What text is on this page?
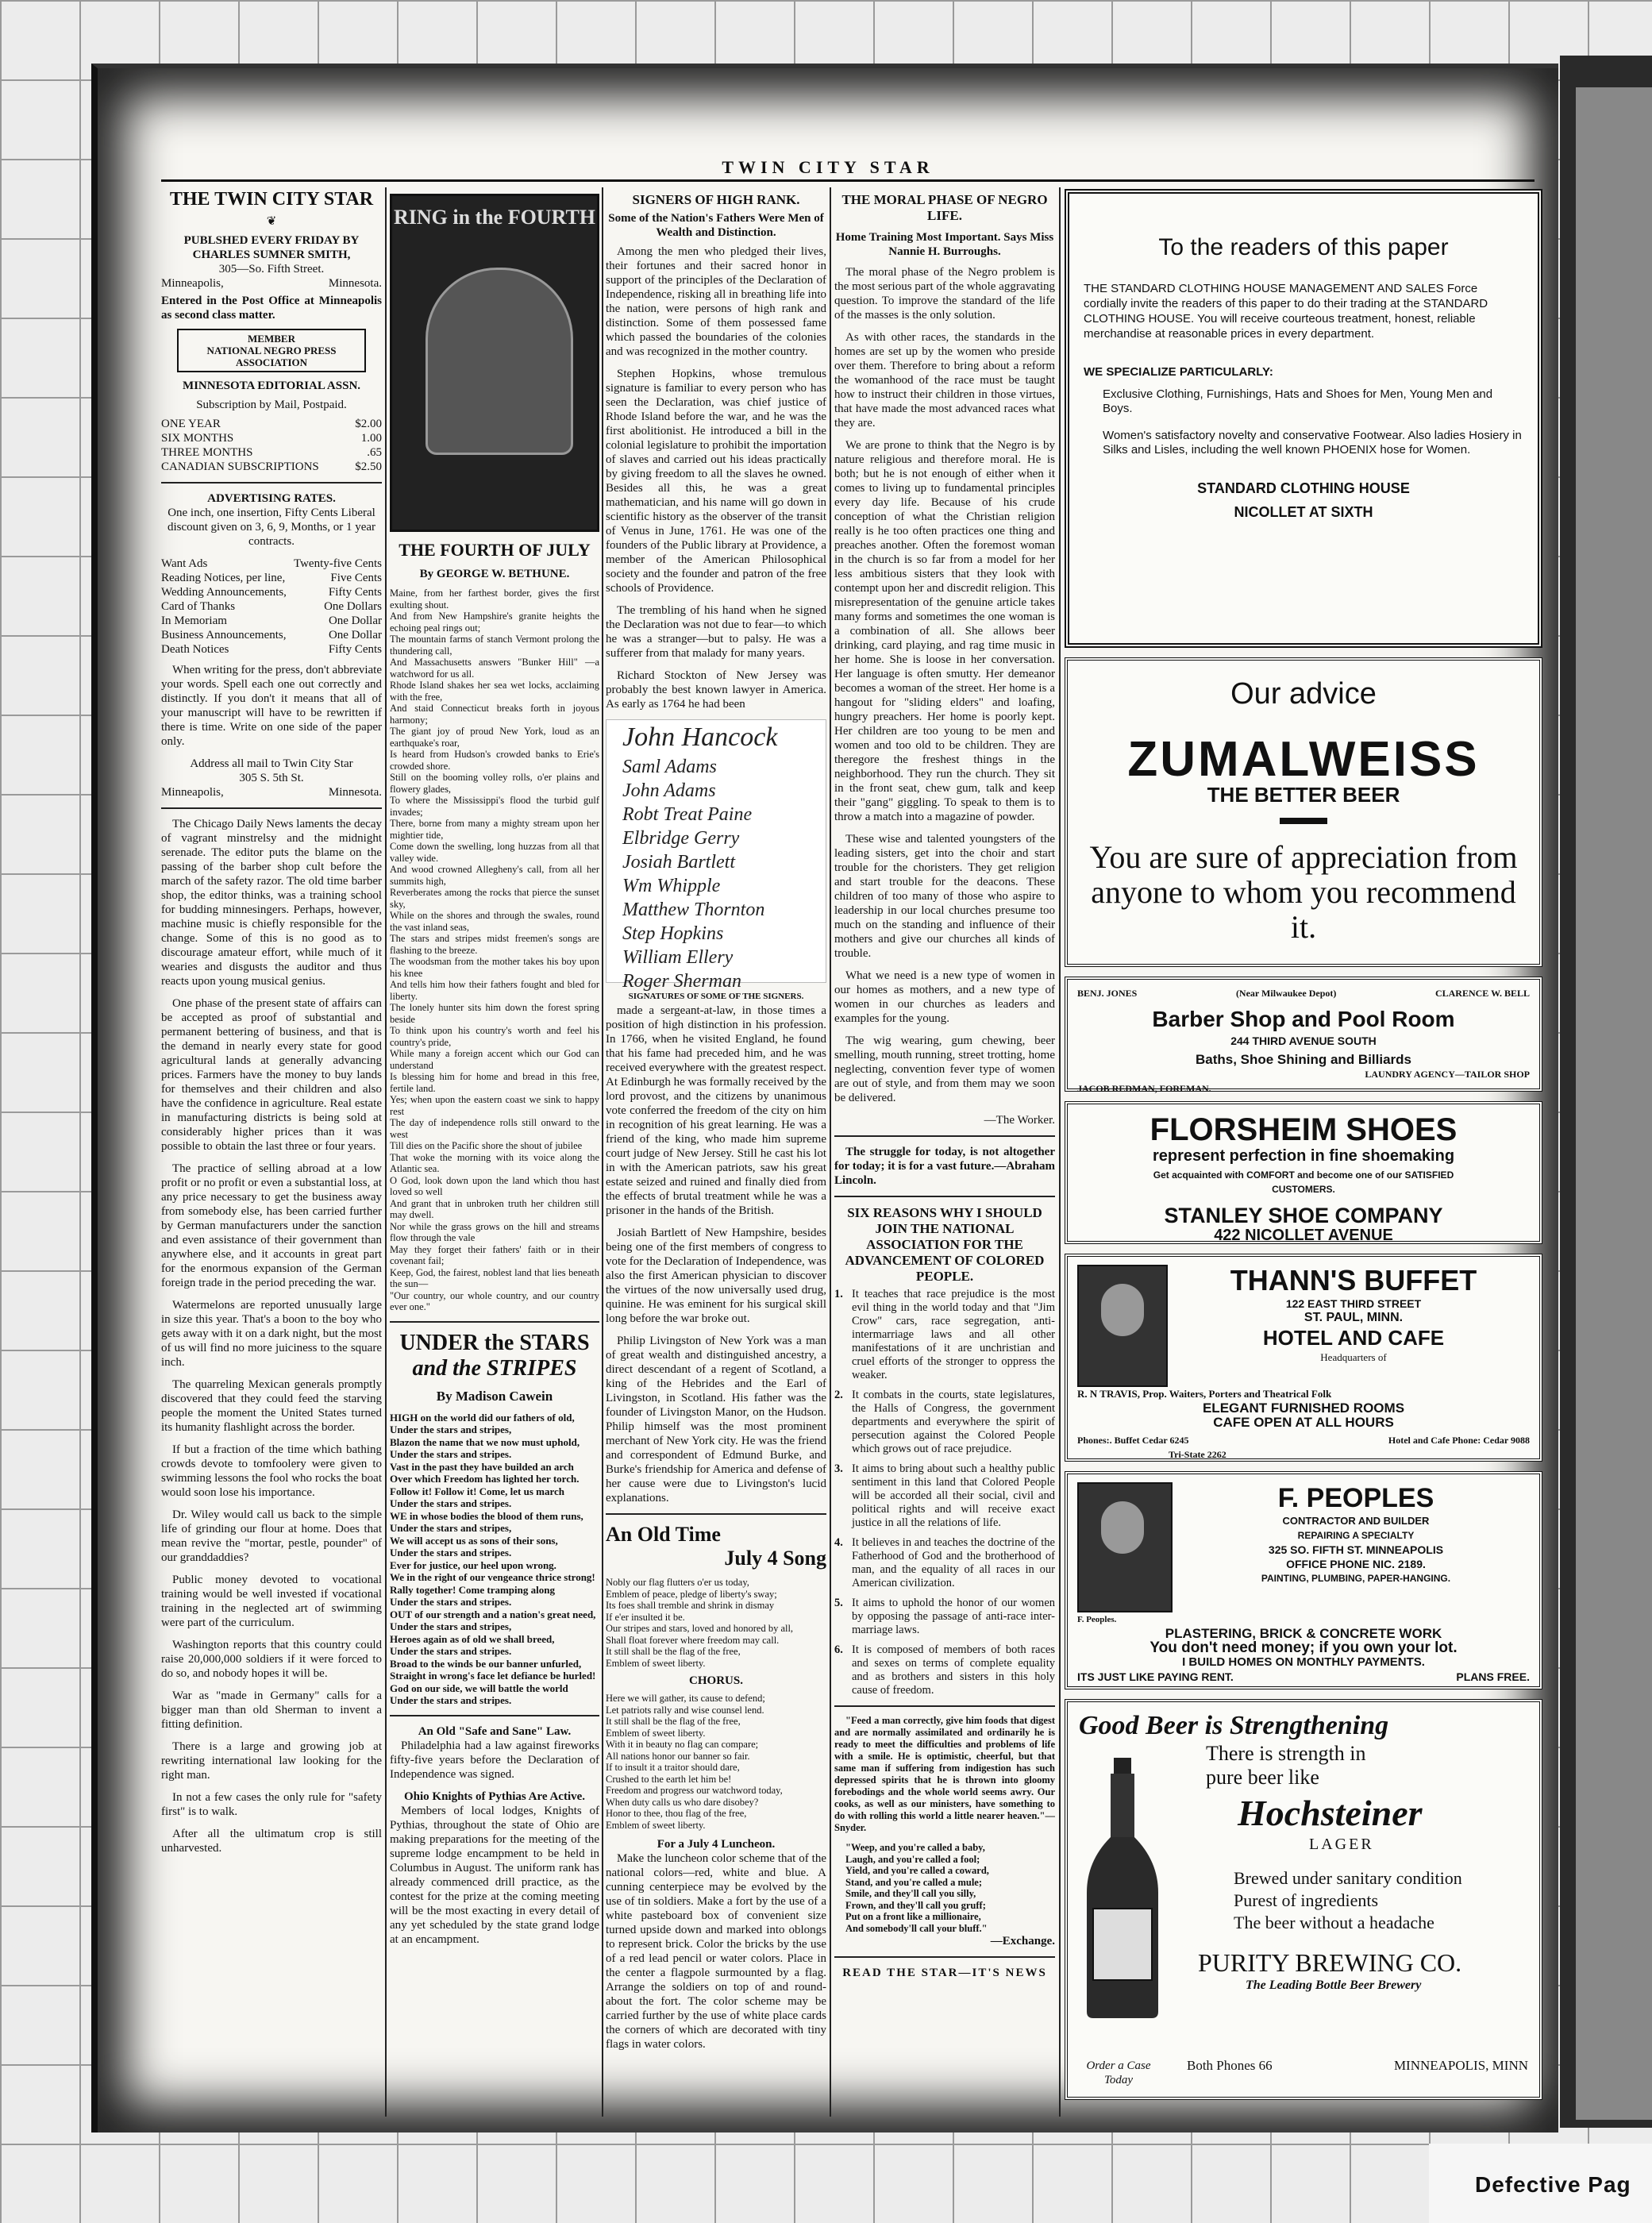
Defective Pag
TWIN CITY STAR
THE TWIN CITY STAR
❦
PUBLSHED EVERY FRIDAY BY
CHARLES SUMNER SMITH,
305—So. Fifth Street.
Minneapolis,	Minnesota.
Entered in the Post Office at Minneapolis as second class matter.
MEMBER
NATIONAL NEGRO PRESS
ASSOCIATION
MINNESOTA EDITORIAL ASSN.
Subscription by Mail, Postpaid.
ONE YEAR	$2.00
SIX MONTHS	1.00
THREE MONTHS	.65
CANADIAN SUBSCRIPTIONS	$2.50
ADVERTISING RATES.
One inch, one insertion, Fifty Cents Liberal discount given on 3, 6, 9, Months, or 1 year contracts.
Want Ads	Twenty-five Cents
Reading Notices, per line,	Five Cents
Wedding Announcements,	Fifty Cents
Card of Thanks	One Dollars
In Memoriam	One Dollar
Business Announcements,	One Dollar
Death Notices	Fifty Cents
When writing for the press, don't abbreviate your words. Spell each one out correctly and distinctly. If you don't it means that all of your manuscript will have to be rewritten if there is time. Write on one side of the paper only.
Address all mail to Twin City Star
305 S. 5th St.
Minneapolis,	Minnesota.
The Chicago Daily News laments the decay of vagrant minstrelsy and the midnight serenade. The editor puts the blame on the passing of the barber shop cult before the march of the safety razor. The old time barber shop, the editor thinks, was a training school for budding minnesingers. Perhaps, however, machine music is chiefly responsible for the change. Some of this is no good as to discourage amateur effort, while much of it wearies and disgusts the auditor and thus reacts upon young musical genius.
One phase of the present state of affairs can be accepted as proof of substantial and permanent bettering of business, and that is the demand in nearly every state for good agricultural lands at generally advancing prices. Farmers have the money to buy lands for themselves and their children and also have the confidence in agriculture. Real estate in manufacturing districts is being sold at considerably higher prices than it was possible to obtain the last three or four years.
The practice of selling abroad at a low profit or no profit or even a substantial loss, at any price necessary to get the business away from somebody else, has been carried further by German manufacturers under the sanction and even assistance of their government than anywhere else, and it accounts in great part for the enormous expansion of the German foreign trade in the period preceding the war.
Watermelons are reported unusually large in size this year. That's a boon to the boy who gets away with it on a dark night, but the most of us will find no more juiciness to the square inch.
The quarreling Mexican generals promptly discovered that they could feed the starving people the moment the United States turned its humanity flashlight across the border.
If but a fraction of the time which bathing crowds devote to tomfoolery were given to swimming lessons the fool who rocks the boat would soon lose his importance.
Dr. Wiley would call us back to the simple life of grinding our flour at home. Does that mean revive the "mortar, pestle, pounder" of our granddaddies?
Public money devoted to vocational training would be well invested if vocational training in the neglected art of swimming were part of the curriculum.
Washington reports that this country could raise 20,000,000 soldiers if it were forced to do so, and nobody hopes it will be.
War as "made in Germany" calls for a bigger man than old Sherman to invent a fitting definition.
There is a large and growing job at rewriting international law looking for the right man.
In not a few cases the only rule for "safety first" is to walk.
After all the ultimatum crop is still unharvested.
RING in the FOURTH
THE FOURTH OF JULY
By GEORGE W. BETHUNE.
Maine, from her farthest border, gives the first exulting shout.
And from New Hampshire's granite heights the echoing peal rings out;
The mountain farms of stanch Vermont prolong the thundering call,
And Massachusetts answers "Bunker Hill" —a watchword for us all.
Rhode Island shakes her sea wet locks, acclaiming with the free,
And staid Connecticut breaks forth in joyous harmony;
The giant joy of proud New York, loud as an earthquake's roar,
Is heard from Hudson's crowded banks to Erie's crowded shore.
Still on the booming volley rolls, o'er plains and flowery glades,
To where the Mississippi's flood the turbid gulf invades;
There, borne from many a mighty stream upon her mightier tide,
Come down the swelling, long huzzas from all that valley wide.
And wood crowned Allegheny's call, from all her summits high,
Reverberates among the rocks that pierce the sunset sky,
While on the shores and through the swales, round the vast inland seas,
The stars and stripes midst freemen's songs are flashing to the breeze.
The woodsman from the mother takes his boy upon his knee
And tells him how their fathers fought and bled for liberty.
The lonely hunter sits him down the forest spring beside
To think upon his country's worth and feel his country's pride,
While many a foreign accent which our God can understand
Is blessing him for home and bread in this free, fertile land.
Yes; when upon the eastern coast we sink to happy rest
The day of independence rolls still onward to the west
Till dies on the Pacific shore the shout of jubilee
That woke the morning with its voice along the Atlantic sea.
O God, look down upon the land which thou hast loved so well
And grant that in unbroken truth her children still may dwell.
Nor while the grass grows on the hill and streams flow through the vale
May they forget their fathers' faith or in their covenant fail;
Keep, God, the fairest, noblest land that lies beneath the sun—
"Our country, our whole country, and our country ever one."
UNDER the STARS
and the STRIPES
By Madison Cawein
HIGH on the world did our fathers of old,
Under the stars and stripes,
Blazon the name that we now must uphold,
Under the stars and stripes.
Vast in the past they have builded an arch
Over which Freedom has lighted her torch.
Follow it! Follow it! Come, let us march
Under the stars and stripes.
WE in whose bodies the blood of them runs,
Under the stars and stripes,
We will accept us as sons of their sons,
Under the stars and stripes.
Ever for justice, our heel upon wrong.
We in the right of our vengeance thrice strong!
Rally together! Come tramping along
Under the stars and stripes.
OUT of our strength and a nation's great need,
Under the stars and stripes,
Heroes again as of old we shall breed,
Under the stars and stripes.
Broad to the winds be our banner unfurled,
Straight in wrong's face let defiance be hurled!
God on our side, we will battle the world
Under the stars and stripes.
An Old "Safe and Sane" Law.
Philadelphia had a law against fireworks fifty-five years before the Declaration of Independence was signed.
Ohio Knights of Pythias Are Active.
Members of local lodges, Knights of Pythias, throughout the state of Ohio are making preparations for the meeting of the supreme lodge encampment to be held in Columbus in August. The uniform rank has already commenced drill practice, as the contest for the prize at the coming meeting will be the most exacting in every detail of any yet scheduled by the state grand lodge at an encampment.
SIGNERS OF HIGH RANK.
Some of the Nation's Fathers Were Men of Wealth and Distinction.
Among the men who pledged their lives, their fortunes and their sacred honor in support of the principles of the Declaration of Independence, risking all in breathing life into the nation, were persons of high rank and distinction. Some of them possessed fame which passed the boundaries of the colonies and was recognized in the mother country.
Stephen Hopkins, whose tremulous signature is familiar to every person who has seen the Declaration, was chief justice of Rhode Island before the war, and he was the first abolitionist. He introduced a bill in the colonial legislature to prohibit the importation of slaves and carried out his ideas practically by giving freedom to all the slaves he owned. Besides all this, he was a great mathematician, and his name will go down in scientific history as the observer of the transit of Venus in June, 1761. He was one of the founders of the Public library at Providence, a member of the American Philosophical society and the founder and patron of the free schools of Providence.
The trembling of his hand when he signed the Declaration was not due to fear—to which he was a stranger—but to palsy. He was a sufferer from that malady for many years.
Richard Stockton of New Jersey was probably the best known lawyer in America. As early as 1764 he had been
John Hancock
Saml Adams
John Adams
Robt Treat Paine
Elbridge Gerry
Josiah Bartlett
Wm Whipple
Matthew Thornton
Step Hopkins
William Ellery
Roger Sherman
SIGNATURES OF SOME OF THE SIGNERS.
made a sergeant-at-law, in those times a position of high distinction in his profession. In 1766, when he visited England, he found that his fame had preceded him, and he was received everywhere with the greatest respect. At Edinburgh he was formally received by the lord provost, and the citizens by unanimous vote conferred the freedom of the city on him in recognition of his great learning. He was a friend of the king, who made him supreme court judge of New Jersey. Still he cast his lot in with the American patriots, saw his great estate seized and ruined and finally died from the effects of brutal treatment while he was a prisoner in the hands of the British.
Josiah Bartlett of New Hampshire, besides being one of the first members of congress to vote for the Declaration of Independence, was also the first American physician to discover the virtues of the now universally used drug, quinine. He was eminent for his surgical skill long before the war broke out.
Philip Livingston of New York was a man of great wealth and distinguished ancestry, a direct descendant of a regent of Scotland, a king of the Hebrides and the Earl of Livingston, in Scotland. His father was the founder of Livingston Manor, on the Hudson. Philip himself was the most prominent merchant of New York city. He was the friend and correspondent of Edmund Burke, and Burke's friendship for America and defense of her cause were due to Livingston's lucid explanations.
An Old Time
July 4 Song
Nobly our flag flutters o'er us today,
Emblem of peace, pledge of liberty's sway;
Its foes shall tremble and shrink in dismay
If e'er insulted it be.
Our stripes and stars, loved and honored by all,
Shall float forever where freedom may call.
It still shall be the flag of the free,
Emblem of sweet liberty.
CHORUS.
Here we will gather, its cause to defend;
Let patriots rally and wise counsel lend.
It still shall be the flag of the free,
Emblem of sweet liberty.
With it in beauty no flag can compare;
All nations honor our banner so fair.
If to insult it a traitor should dare,
Crushed to the earth let him be!
Freedom and progress our watchword today,
When duty calls us who dare disobey?
Honor to thee, thou flag of the free,
Emblem of sweet liberty.
For a July 4 Luncheon.
Make the luncheon color scheme that of the national colors—red, white and blue. A cunning centerpiece may be evolved by the use of tin soldiers. Make a fort by the use of a white pasteboard box of convenient size turned upside down and marked into oblongs to represent brick. Color the bricks by the use of a red lead pencil or water colors. Place in the center a flagpole surmounted by a flag. Arrange the soldiers on top of and round-about the fort. The color scheme may be carried further by the use of white place cards the corners of which are decorated with tiny flags in water colors.
THE MORAL PHASE OF NEGRO LIFE.
Home Training Most Important. Says Miss Nannie H. Burroughs.
The moral phase of the Negro problem is the most serious part of the whole aggravating question. To improve the standard of the life of the masses is the only solution.
As with other races, the standards in the homes are set up by the women who preside over them. Therefore to bring about a reform the womanhood of the race must be taught how to instruct their children in those virtues, that have made the most advanced races what they are.
We are prone to think that the Negro is by nature religious and therefore moral. He is both; but he is not enough of either when it comes to living up to fundamental principles every day life. Because of his crude conception of what the Christian religion really is he too often practices one thing and preaches another. Often the foremost woman in the church is so far from a model for her less ambitious sisters that they look with contempt upon her and discredit religion. This misrepresentation of the genuine article takes many forms and sometimes the one woman is a combination of all. She allows beer drinking, card playing, and rag time music in her home. She is loose in her conversation. Her language is often smutty. Her demeanor becomes a woman of the street. Her home is a hangout for "sliding elders" and loafing, hungry preachers. Her home is poorly kept. Her children are too young to be men and women and too old to be children. They are theregore the freshest things in the neighborhood. They run the church. They sit in the front seat, chew gum, talk and keep their "gang" giggling. To speak to them is to throw a match into a magazine of powder.
These wise and talented youngsters of the leading sisters, get into the choir and start trouble for the choristers. They get religion and start trouble for the deacons. These children of too many of those who aspire to leadership in our local churches presume too much on the standing and influence of their mothers and give our churches all kinds of trouble.
What we need is a new type of women in our homes as mothers, and a new type of women in our churches as leaders and examples for the young.
The wig wearing, gum chewing, beer smelling, mouth running, street trotting, home neglecting, convention fever type of women are out of style, and from them may we soon be delivered.
—The Worker.
The struggle for today, is not altogether for today; it is for a vast future.—Abraham Lincoln.
SIX REASONS WHY I SHOULD JOIN THE NATIONAL ASSOCIATION FOR THE ADVANCEMENT OF COLORED PEOPLE.
1. It teaches that race prejudice is the most evil thing in the world today and that "Jim Crow" cars, race segregation, anti-intermarriage laws and all other manifestations of it are unchristian and cruel efforts of the stronger to oppress the weaker.
2. It combats in the courts, state legislatures, the Halls of Congress, the government departments and everywhere the spirit of persecution against the Colored People which grows out of race prejudice.
3. It aims to bring about such a healthy public sentiment in this land that Colored People will be accorded all their social, civil and political rights and will receive exact justice in all the relations of life.
4. It believes in and teaches the doctrine of the Fatherhood of God and the brotherhood of man, and the equality of all races in our American civilization.
5. It aims to uphold the honor of our women by opposing the passage of anti-race inter-marriage laws.
6. It is composed of members of both races and sexes on terms of complete equality and as brothers and sisters in this holy cause of freedom.
"Feed a man correctly, give him foods that digest and are normally assimilated and ordinarily he is ready to meet the difficulties and problems of life with a smile. He is optimistic, cheerful, but that same man if suffering from indigestion has such depressed spirits that he is thrown into gloomy forebodings and the whole world seems awry. Our cooks, as well as our ministers, have something to do with rolling this world a little nearer heaven."—Snyder.
"Weep, and you're called a baby,
Laugh, and you're called a fool;
Yield, and you're called a coward,
Stand, and you're called a mule;
Smile, and they'll call you silly,
Frown, and they'll call you gruff;
Put on a front like a millionaire,
And somebody'll call your bluff."
—Exchange.
READ THE STAR—IT'S NEWS
To the readers of this paper
THE STANDARD CLOTHING HOUSE MANAGEMENT AND SALES Force cordially invite the readers of this paper to do their trading at the STANDARD CLOTHING HOUSE. You will receive courteous treatment, honest, reliable merchandise at reasonable prices in every department.
WE SPECIALIZE PARTICULARLY:
Exclusive Clothing, Furnishings, Hats and Shoes for Men, Young Men and Boys.
Women's satisfactory novelty and conservative Footwear. Also ladies Hosiery in Silks and Lisles, including the well known PHOENIX hose for Women.
STANDARD CLOTHING HOUSE
NICOLLET AT SIXTH
Our advice
ZUMALWEISS
THE BETTER BEER
You are sure of appreciation from anyone to whom you recommend it.
BENJ. JONES	(Near Milwaukee Depot)	CLARENCE W. BELL
Barber Shop and Pool Room
244 THIRD AVENUE SOUTH
Baths, Shoe Shining and Billiards
LAUNDRY AGENCY—TAILOR SHOP
JACOB REDMAN, FOREMAN.
FLORSHEIM SHOES
represent perfection in fine shoemaking
Get acquainted with COMFORT and become one of our SATISFIED CUSTOMERS.
STANLEY SHOE COMPANY
422 NICOLLET AVENUE
THANN'S BUFFET
122 EAST THIRD STREET
ST. PAUL, MINN.
HOTEL AND CAFE
Headquarters of
R. N TRAVIS, Prop. Waiters, Porters and Theatrical Folk
ELEGANT FURNISHED ROOMS
CAFE OPEN AT ALL HOURS
Phones:. Buffet Cedar 6245	Hotel and Cafe Phone: Cedar 9088
Tri-State 2262
F. PEOPLES
CONTRACTOR AND BUILDER
REPAIRING A SPECIALTY
325 SO. FIFTH ST. MINNEAPOLIS
OFFICE PHONE NIC. 2189.
PAINTING, PLUMBING, PAPER-HANGING.
F. Peoples.
PLASTERING, BRICK & CONCRETE WORK
You don't need money; if you own your lot.
I BUILD HOMES ON MONTHLY PAYMENTS.
ITS JUST LIKE PAYING RENT.	PLANS FREE.
Good Beer is Strengthening
There is strength in
pure beer like
Hochsteiner
LAGER
Brewed under sanitary condition
Purest of ingredients
The beer without a headache
PURITY BREWING CO.
The Leading Bottle Beer Brewery
Order a Case Today
Both Phones 66	MINNEAPOLIS, MINN
